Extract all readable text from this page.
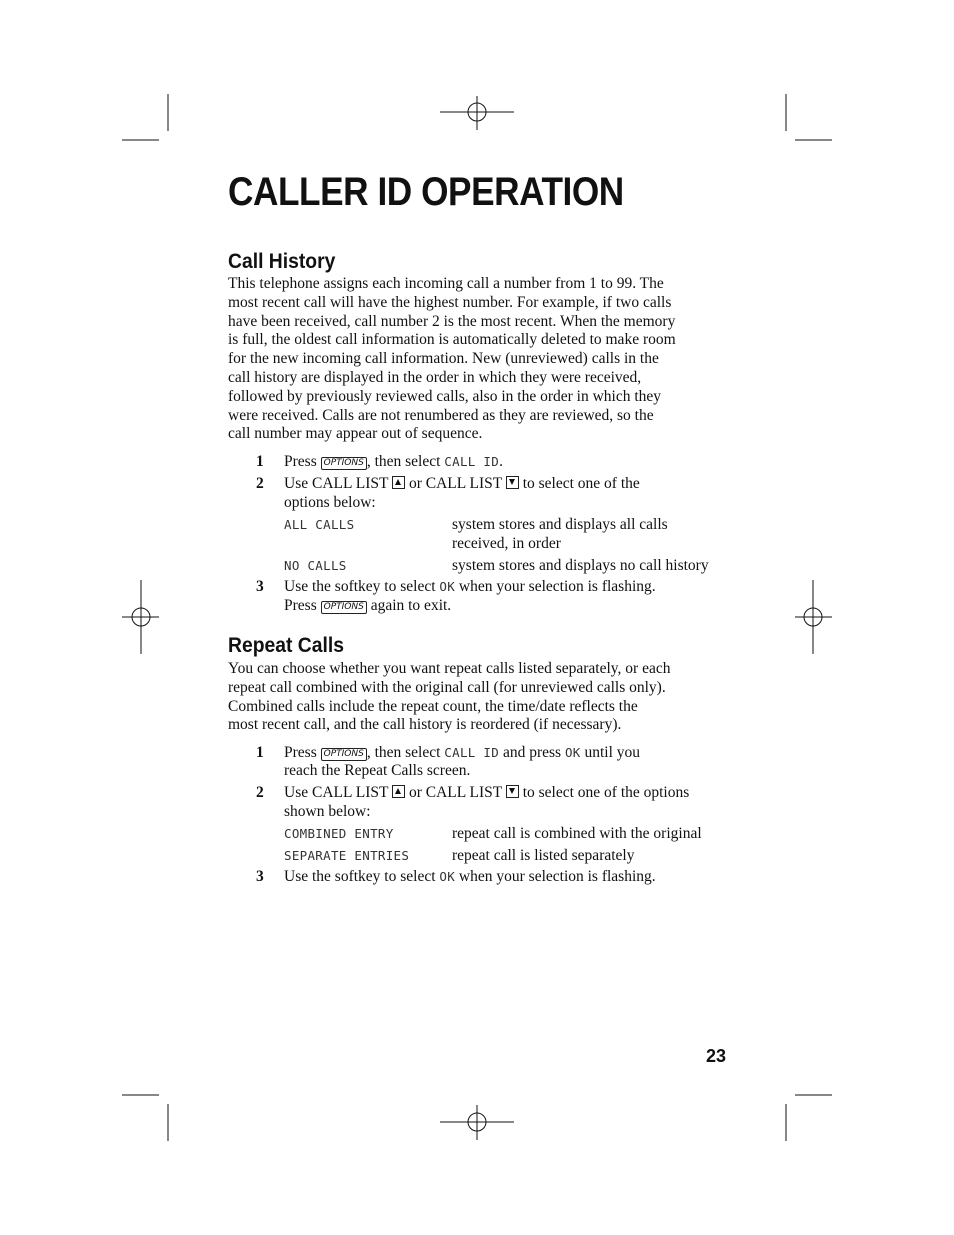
CALLER ID OPERATION
Call History
This telephone assigns each incoming call a number from 1 to 99. The
most recent call will have the highest number. For example, if two calls
have been received, call number 2 is the most recent. When the memory
is full, the oldest call information is automatically deleted to make room
for the new incoming call information. New (unreviewed) calls in the
call history are displayed in the order in which they were received,
followed by previously reviewed calls, also in the order in which they
were received. Calls are not renumbered as they are reviewed, so the
call number may appear out of sequence.
1 Press OPTIONS , then select CALL ID.
2 Use CALL LIST or CALL LIST to select one of the
options below:
ALL CALLS	system stores and displays all calls
received, in order
NO CALLS	system stores and displays no call history
3 Use the softkey to select OK when your selection is flashing.
Press OPTIONS again to exit.
Repeat Calls
You can choose whether you want repeat calls listed separately, or each
repeat call combined with the original call (for unreviewed calls only).
Combined calls include the repeat count, the time/date reflects the
most recent call, and the call history is reordered (if necessary).
1 Press OPTIONS , then select CALL ID and press OK until you
reach the Repeat Calls screen.
2 Use CALL LIST or CALL LIST to select one of the options
shown below:
COMBINED ENTRY	repeat call is combined with the original
SEPARATE ENTRIES	repeat call is listed separately
3 Use the softkey to select OK when your selection is flashing.
23
